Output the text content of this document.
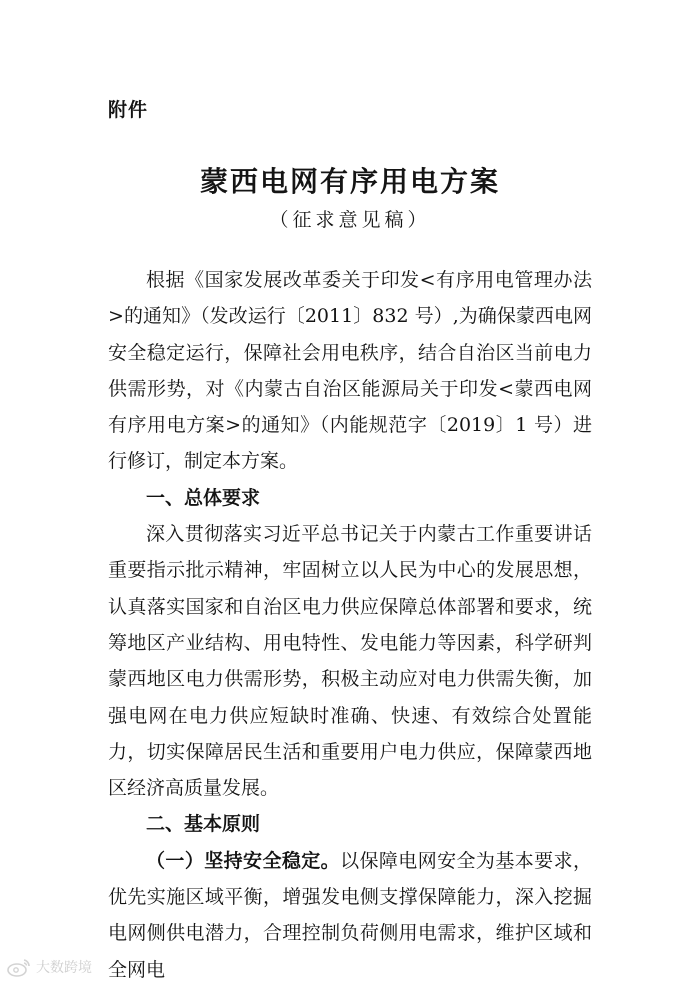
附件
蒙西电网有序用电方案
（征求意见稿）

根据《国家发展改革委关于印发<有序用电管理办法>的通知》（发改运行〔2011〕832 号）,为确保蒙西电网安全稳定运行，保障社会用电秩序，结合自治区当前电力供需形势，对《内蒙古自治区能源局关于印发<蒙西电网有序用电方案>的通知》（内能规范字〔2019〕1 号）进行修订，制定本方案。

一、总体要求

深入贯彻落实习近平总书记关于内蒙古工作重要讲话重要指示批示精神，牢固树立以人民为中心的发展思想，认真落实国家和自治区电力供应保障总体部署和要求，统筹地区产业结构、用电特性、发电能力等因素，科学研判蒙西地区电力供需形势，积极主动应对电力供需失衡，加强电网在电力供应短缺时准确、快速、有效综合处置能力，切实保障居民生活和重要用户电力供应，保障蒙西地区经济高质量发展。

二、基本原则

（一）坚持安全稳定。以保障电网安全为基本要求，优先实施区域平衡，增强发电侧支撑保障能力，深入挖掘电网侧供电潜力，合理控制负荷侧用电需求，维护区域和全网电

大数跨境
